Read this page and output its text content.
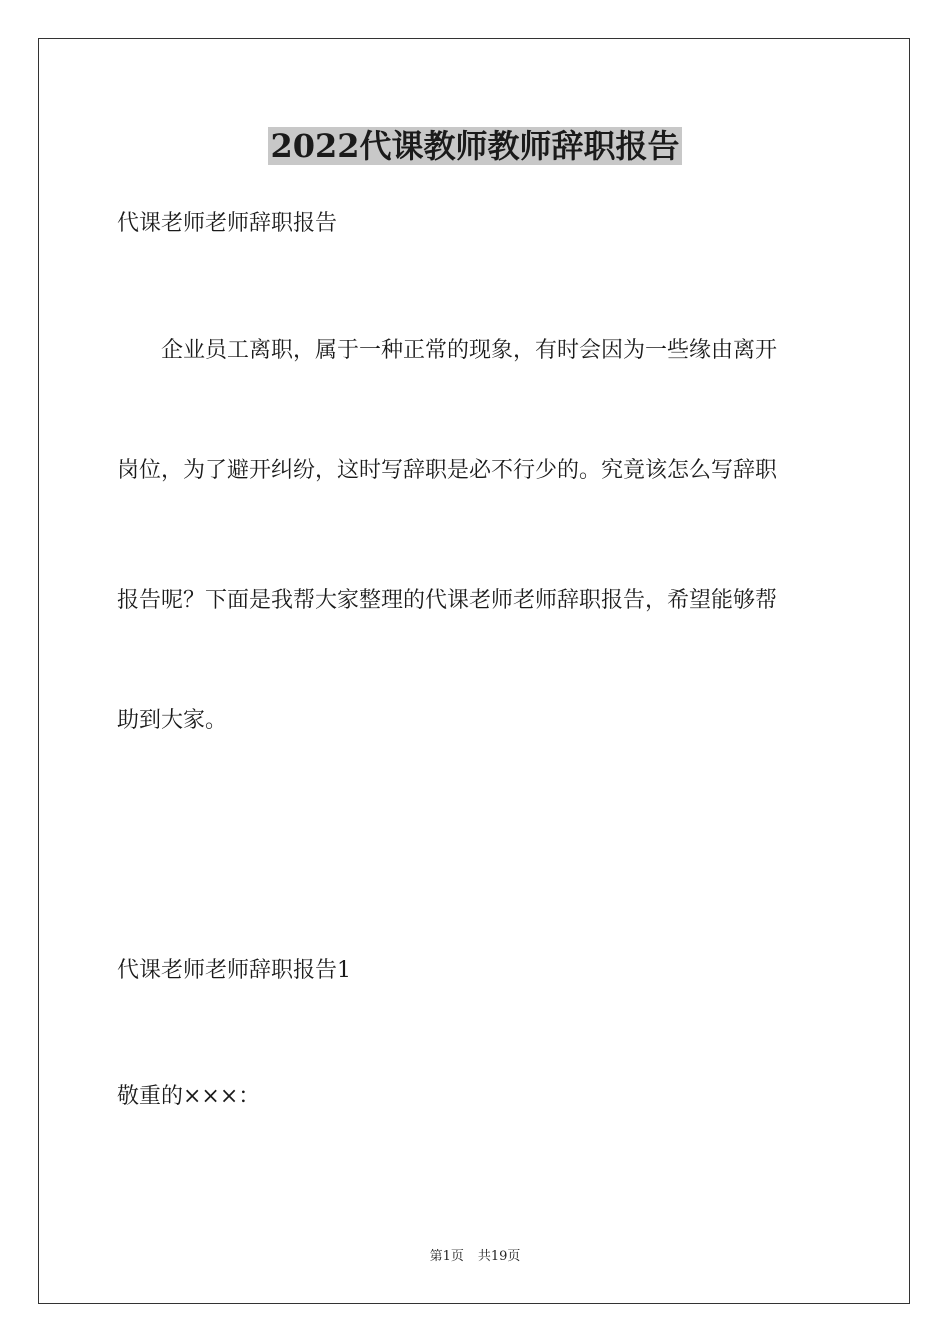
2022代课教师教师辞职报告

代课老师老师辞职报告

企业员工离职，属于一种正常的现象，有时会因为一些缘由离开

岗位，为了避开纠纷，这时写辞职是必不行少的。究竟该怎么写辞职

报告呢？下面是我帮大家整理的代课老师老师辞职报告，希望能够帮

助到大家。

代课老师老师辞职报告1

敬重的×××：

第1页 共19页
